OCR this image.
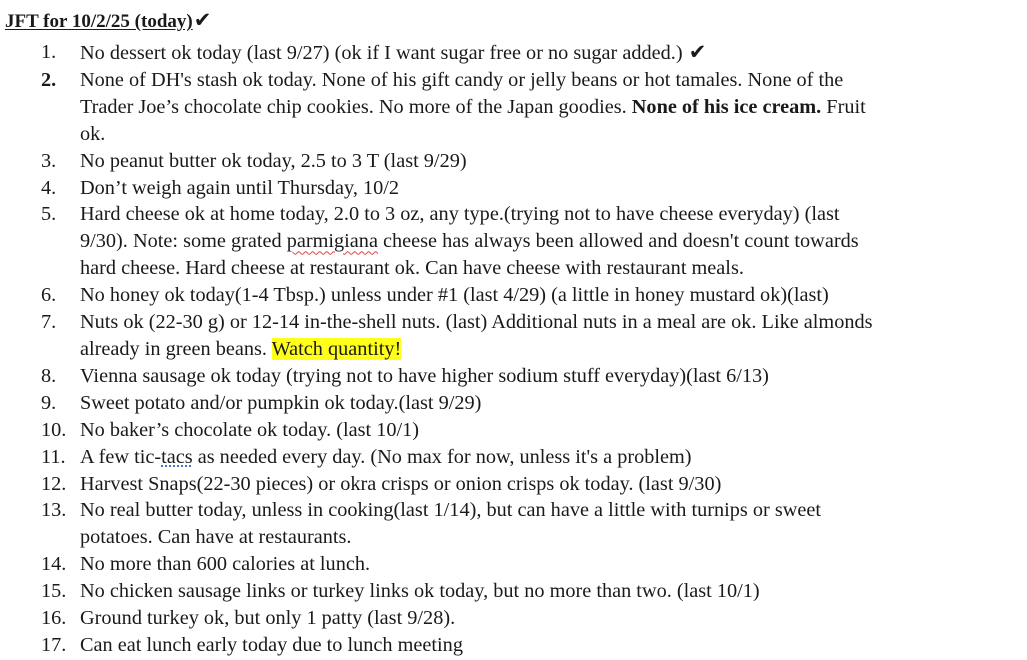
JFT for 10/2/25 (today)✔
1. No dessert ok today (last 9/27) (ok if I want sugar free or no sugar added.) ✔
2. None of DH's stash ok today. None of his gift candy or jelly beans or hot tamales. None of the
Trader Joe’s chocolate chip cookies. No more of the Japan goodies. None of his ice cream. Fruit
ok.
3. No peanut butter ok today, 2.5 to 3 T (last 9/29)
4. Don’t weigh again until Thursday, 10/2
5. Hard cheese ok at home today, 2.0 to 3 oz, any type.(trying not to have cheese everyday) (last
9/30). Note: some grated parmigiana cheese has always been allowed and doesn't count towards
hard cheese. Hard cheese at restaurant ok. Can have cheese with restaurant meals.
6. No honey ok today(1-4 Tbsp.) unless under #1 (last 4/29) (a little in honey mustard ok)(last)
7. Nuts ok (22-30 g) or 12-14 in-the-shell nuts. (last) Additional nuts in a meal are ok. Like almonds
already in green beans. Watch quantity!
8. Vienna sausage ok today (trying not to have higher sodium stuff everyday)(last 6/13)
9. Sweet potato and/or pumpkin ok today.(last 9/29)
10. No baker’s chocolate ok today. (last 10/1)
11. A few tic-tacs as needed every day. (No max for now, unless it's a problem)
12. Harvest Snaps(22-30 pieces) or okra crisps or onion crisps ok today. (last 9/30)
13. No real butter today, unless in cooking(last 1/14), but can have a little with turnips or sweet
potatoes. Can have at restaurants.
14. No more than 600 calories at lunch.
15. No chicken sausage links or turkey links ok today, but no more than two. (last 10/1)
16. Ground turkey ok, but only 1 patty (last 9/28).
17. Can eat lunch early today due to lunch meeting
